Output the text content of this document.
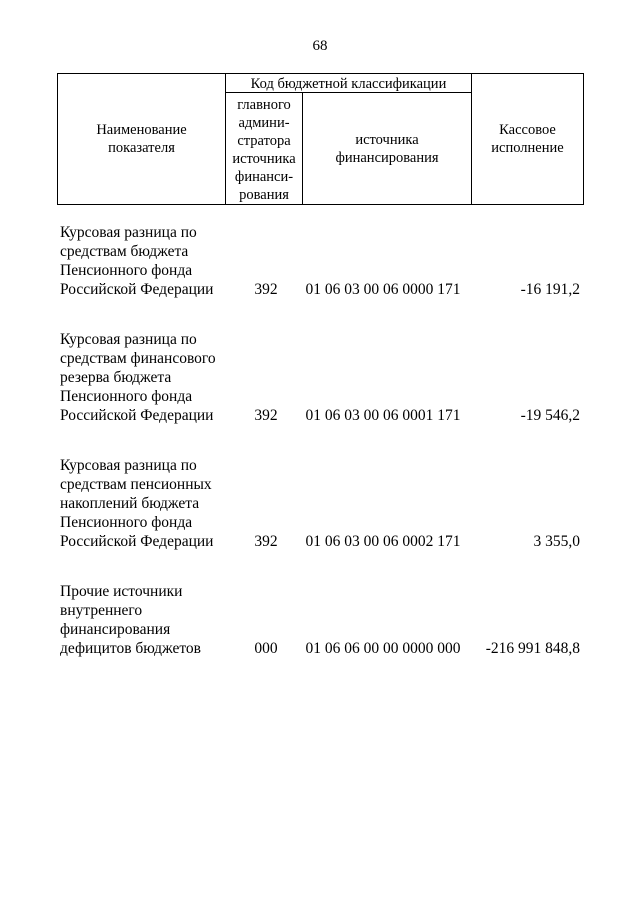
68
Наименование показателя
Код бюджетной классификации
главного админи-стратора источника финанси-рования
источника финансирования
Кассовое исполнение
Курсовая разница по средствам бюджета Пенсионного фонда Российской Федерации	392	01 06 03 00 06 0000 171	-16 191,2
Курсовая разница по средствам финансового резерва бюджета Пенсионного фонда Российской Федерации	392	01 06 03 00 06 0001 171	-19 546,2
Курсовая разница по средствам пенсионных накоплений бюджета Пенсионного фонда Российской Федерации	392	01 06 03 00 06 0002 171	3 355,0
Прочие источники внутреннего финансирования дефицитов бюджетов	000	01 06 06 00 00 0000 000	-216 991 848,8
